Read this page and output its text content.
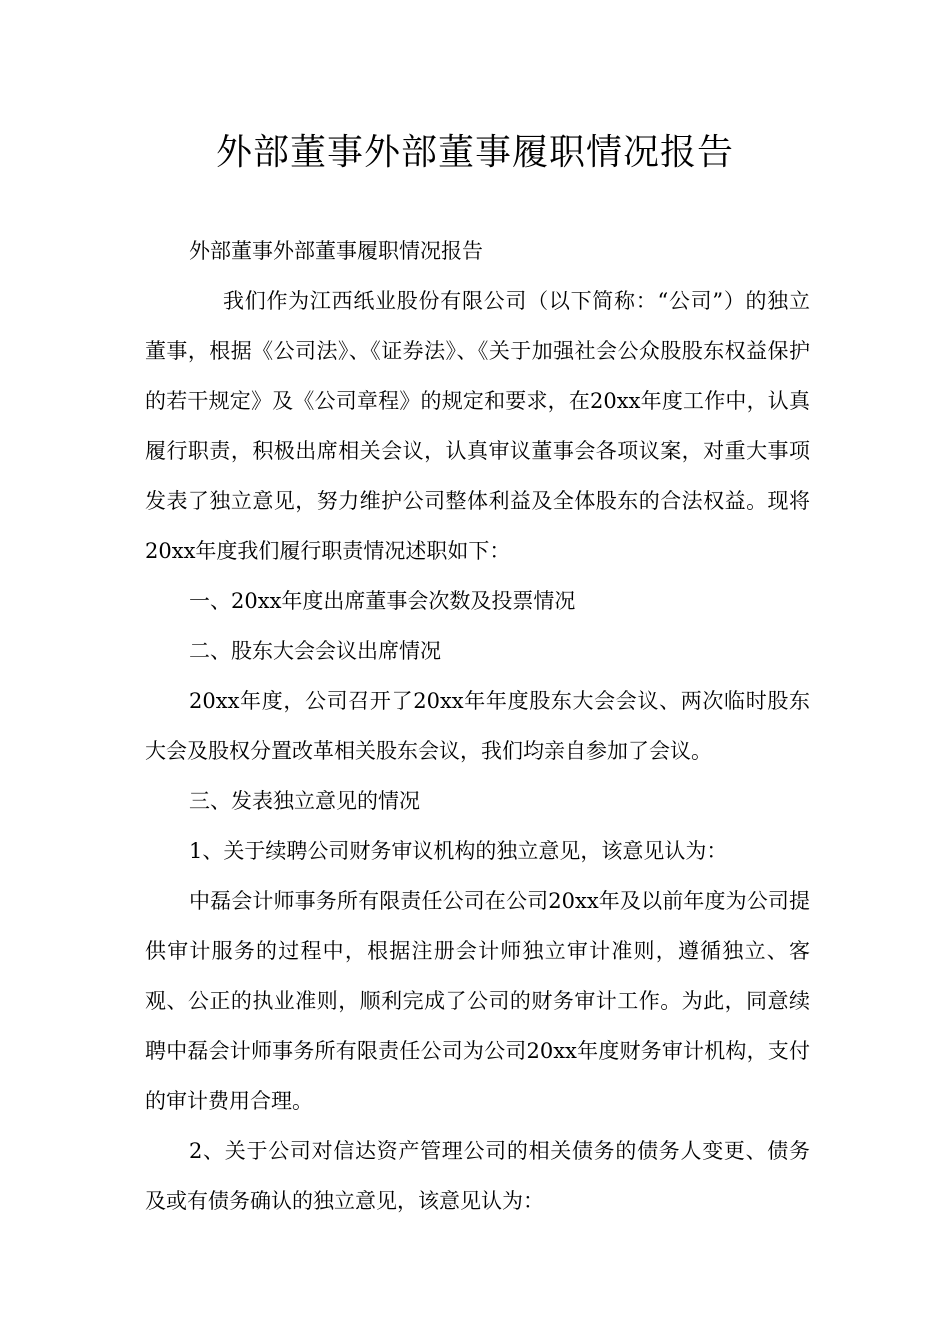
外部董事外部董事履职情况报告

外部董事外部董事履职情况报告

我们作为江西纸业股份有限公司（以下简称：“公司”）的独立董事，根据《公司法》、《证券法》、《关于加强社会公众股股东权益保护的若干规定》及《公司章程》的规定和要求，在20xx年度工作中，认真履行职责，积极出席相关会议，认真审议董事会各项议案，对重大事项发表了独立意见，努力维护公司整体利益及全体股东的合法权益。现将20xx年度我们履行职责情况述职如下：

一、20xx年度出席董事会次数及投票情况

二、股东大会会议出席情况

20xx年度，公司召开了20xx年年度股东大会会议、两次临时股东大会及股权分置改革相关股东会议，我们均亲自参加了会议。

三、发表独立意见的情况

1、关于续聘公司财务审议机构的独立意见，该意见认为：

中磊会计师事务所有限责任公司在公司20xx年及以前年度为公司提供审计服务的过程中，根据注册会计师独立审计准则，遵循独立、客观、公正的执业准则，顺利完成了公司的财务审计工作。为此，同意续聘中磊会计师事务所有限责任公司为公司20xx年度财务审计机构，支付的审计费用合理。

2、关于公司对信达资产管理公司的相关债务的债务人变更、债务及或有债务确认的独立意见，该意见认为：
